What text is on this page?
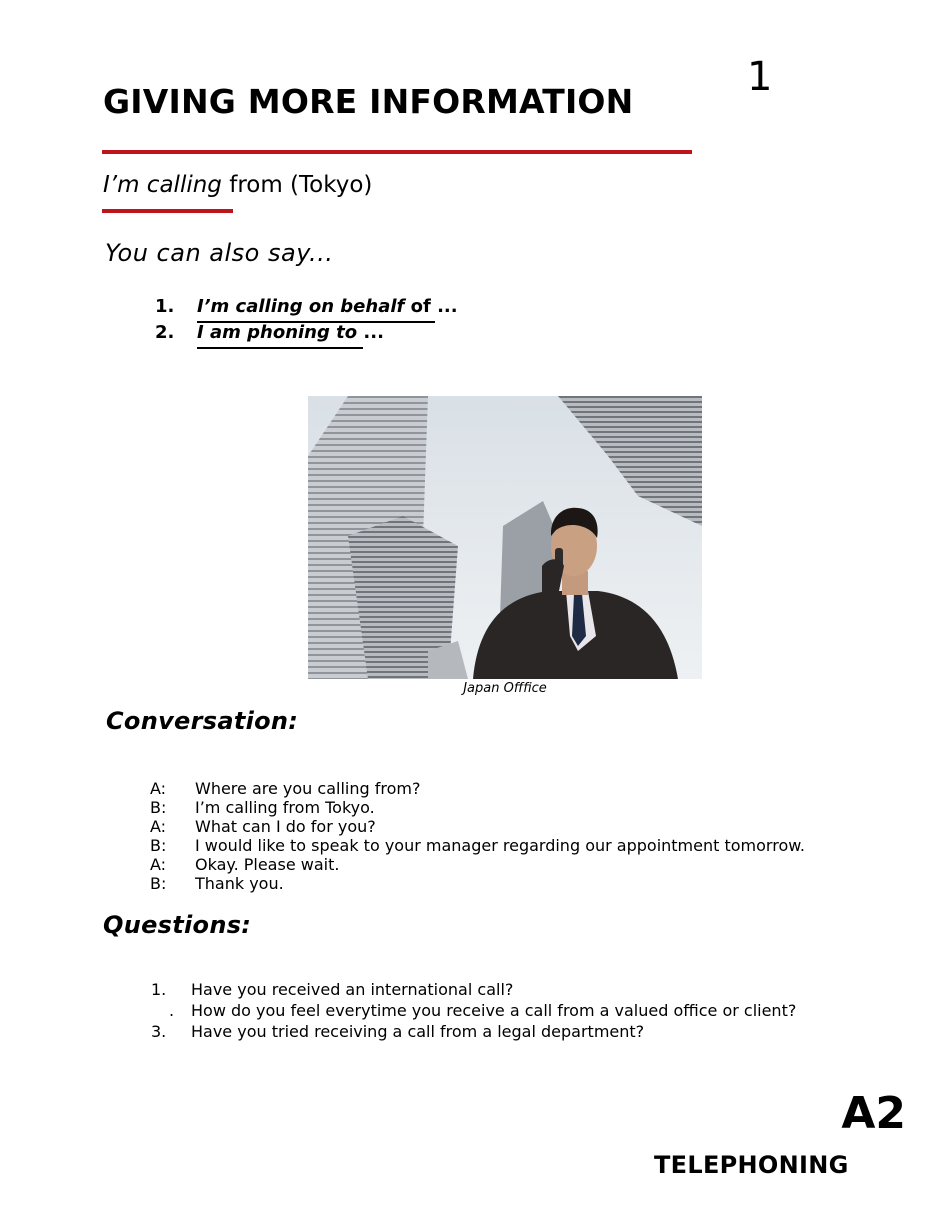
1
GIVING MORE INFORMATION
I’m calling from (Tokyo)
You can also say...
1. I’m calling on behalf of ...
2. I am phoning to ...
Japan Offfice
Conversation:
A: Where are you calling from?
B: I’m calling from Tokyo.
A: What can I do for you?
B: I would like to speak to your manager regarding our appointment tomorrow.
A: Okay. Please wait.
B: Thank you.
Questions:
1. Have you received an international call?
. How do you feel everytime you receive a call from a valued office or client?
3. Have you tried receiving a call from a legal department?
A2
TELEPHONING
